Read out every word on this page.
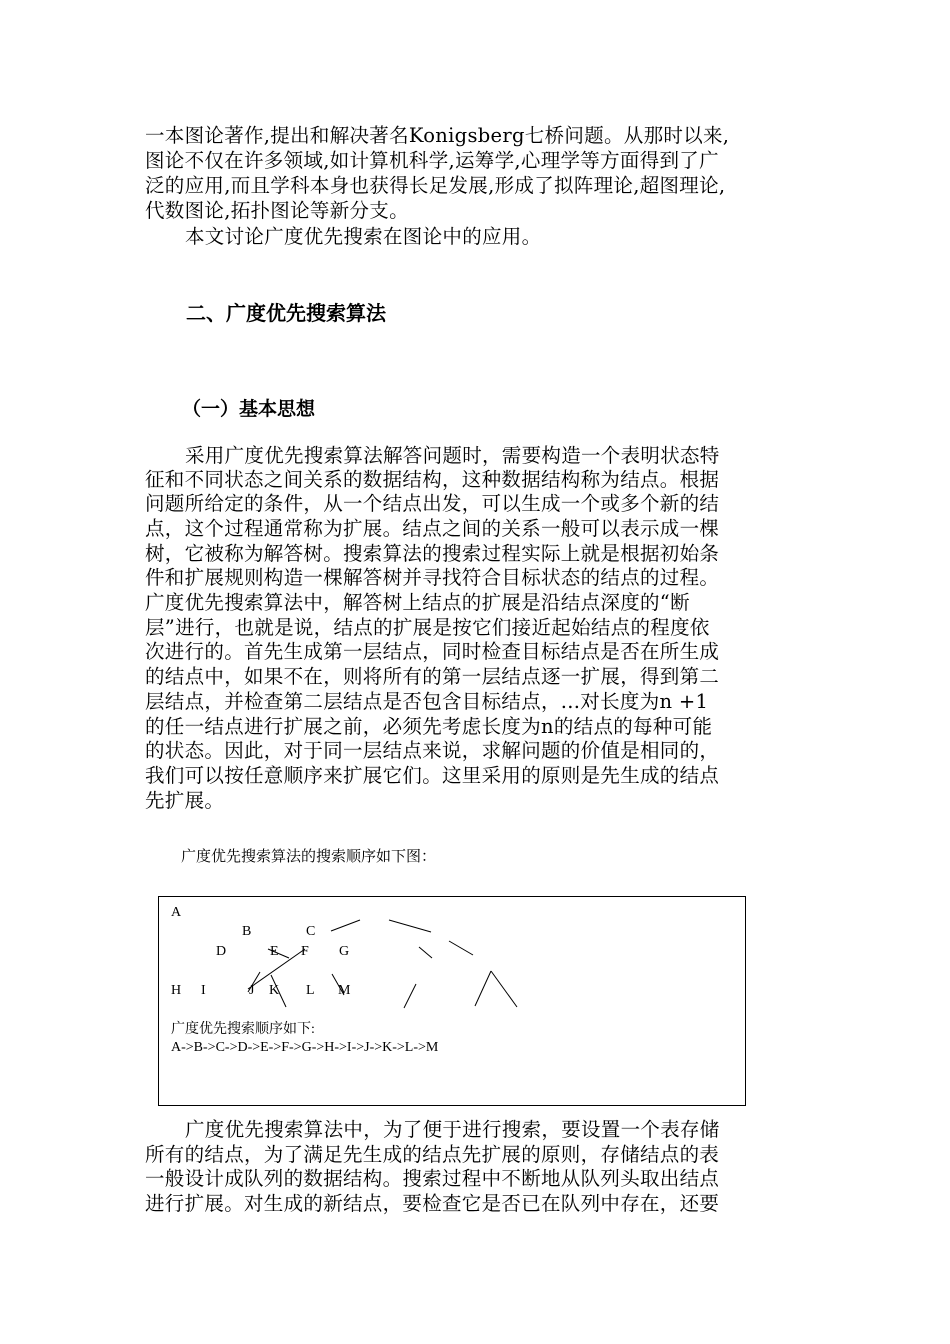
一本图论著作,提出和解决著名Konigsberg七桥问题。从那时以来,

图论不仅在许多领域,如计算机科学,运筹学,心理学等方面得到了广

泛的应用,而且学科本身也获得长足发展,形成了拟阵理论,超图理论,

代数图论,拓扑图论等新分支。

本文讨论广度优先搜索在图论中的应用。

二、广度优先搜索算法
（一）基本思想

采用广度优先搜索算法解答问题时，需要构造一个表明状态特

征和不同状态之间关系的数据结构，这种数据结构称为结点。根据

问题所给定的条件，从一个结点出发，可以生成一个或多个新的结

点，这个过程通常称为扩展。结点之间的关系一般可以表示成一棵

树，它被称为解答树。搜索算法的搜索过程实际上就是根据初始条

件和扩展规则构造一棵解答树并寻找符合目标状态的结点的过程。

广度优先搜索算法中，解答树上结点的扩展是沿结点深度的“断

层”进行，也就是说，结点的扩展是按它们接近起始结点的程度依

次进行的。首先生成第一层结点，同时检查目标结点是否在所生成

的结点中，如果不在，则将所有的第一层结点逐一扩展，得到第二

层结点，并检查第二层结点是否包含目标结点，...对长度为n +1

的任一结点进行扩展之前，必须先考虑长度为n的结点的每种可能

的状态。因此，对于同一层结点来说，求解问题的价值是相同的，

我们可以按任意顺序来扩展它们。这里采用的原则是先生成的结点

先扩展。

广度优先搜索算法的搜索顺序如下图：

A
B	C
D	E F G
H I	J K L M

广度优先搜索顺序如下:

A->B->C->D->E->F->G->H->I->J->K->L->M

广度优先搜索算法中，为了便于进行搜索，要设置一个表存储

所有的结点，为了满足先生成的结点先扩展的原则，存储结点的表

一般设计成队列的数据结构。搜索过程中不断地从队列头取出结点

进行扩展。对生成的新结点，要检查它是否已在队列中存在，还要
